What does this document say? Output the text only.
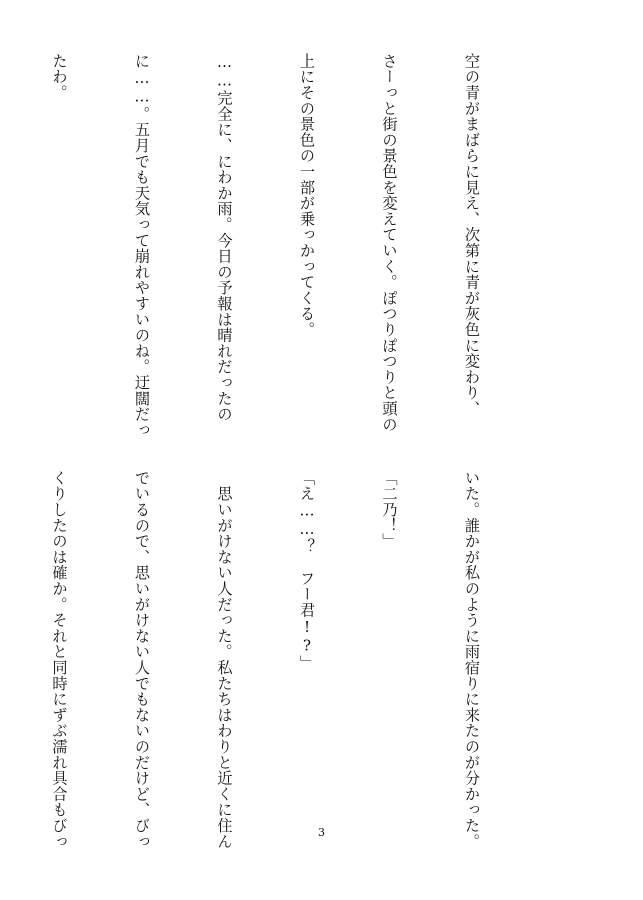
空の青がまばらに見え、次第に青が灰色に変わり、

さーっと街の景色を変えていく。ぽつりぽつりと頭の

上にその景色の一部が乗っかってくる。

……完全に、にわか雨。今日の予報は晴れだったの

に……。五月でも天気って崩れやすいのね。迂闊だっ

たわ。

いた。誰かが私のように雨宿りに来たのが分かった。

「二乃！」

「え……？　フー君!?」

　思いがけない人だった。私たちはわりと近くに住ん

でいるので、思いがけない人でもないのだけど、びっ

くりしたのは確か。それと同時にずぶ濡れ具合もびっ

	3
